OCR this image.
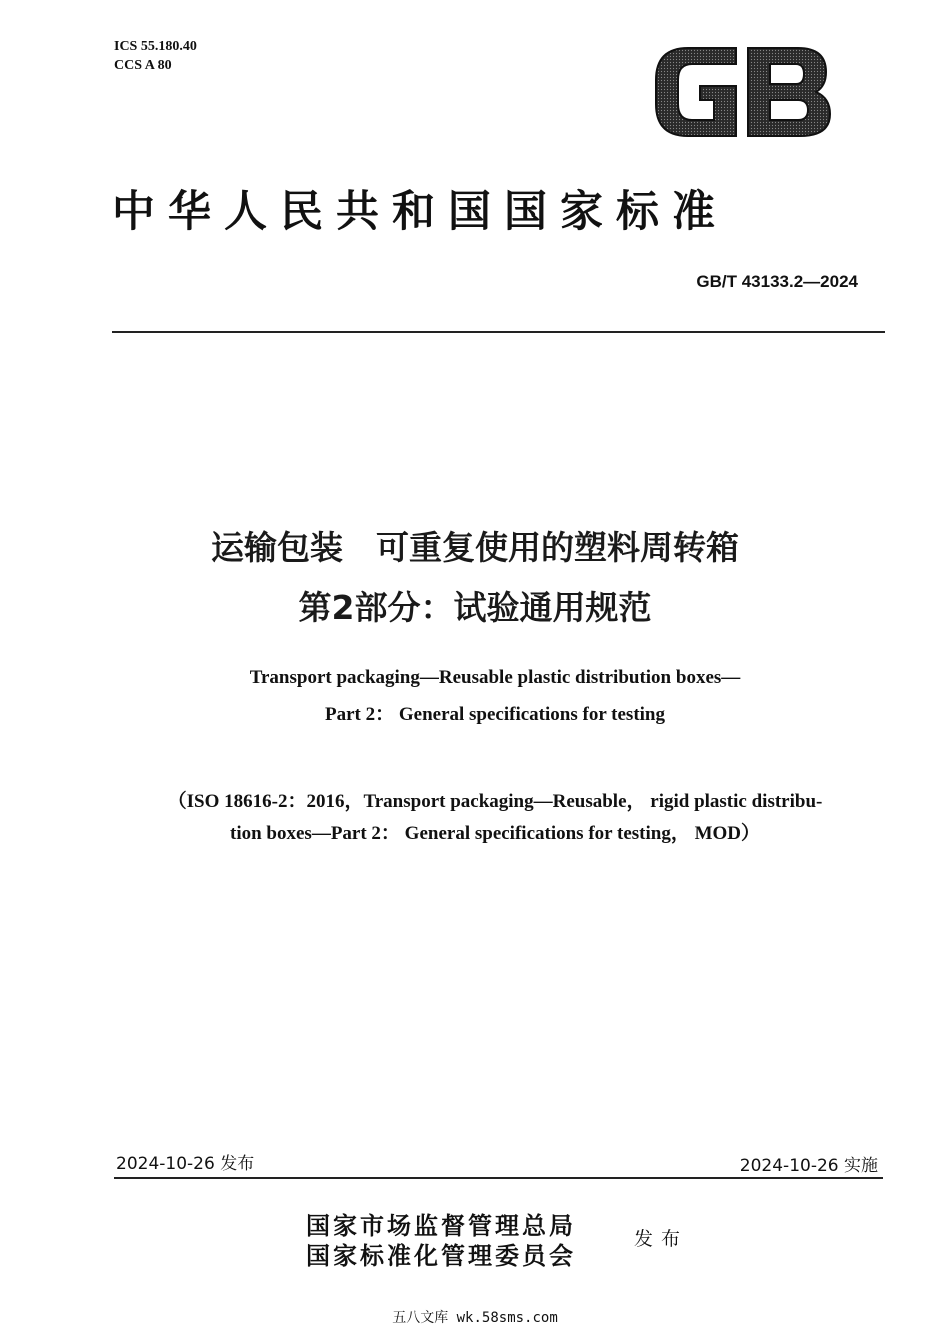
ICS 55.180.40
CCS A 80
中华人民共和国国家标准
GB/T 43133.2—2024
运输包装　可重复使用的塑料周转箱
第2部分：试验通用规范
Transport packaging—Reusable plastic distribution boxes—
Part 2： General specifications for testing
（ISO 18616-2：2016，Transport packaging—Reusable， rigid plastic distribu-
tion boxes—Part 2： General specifications for testing， MOD）
2024-10-26 发布	2024-10-26 实施
国家市场监督管理总局
国家标准化管理委员会
发布
五八文库 wk.58sms.com
